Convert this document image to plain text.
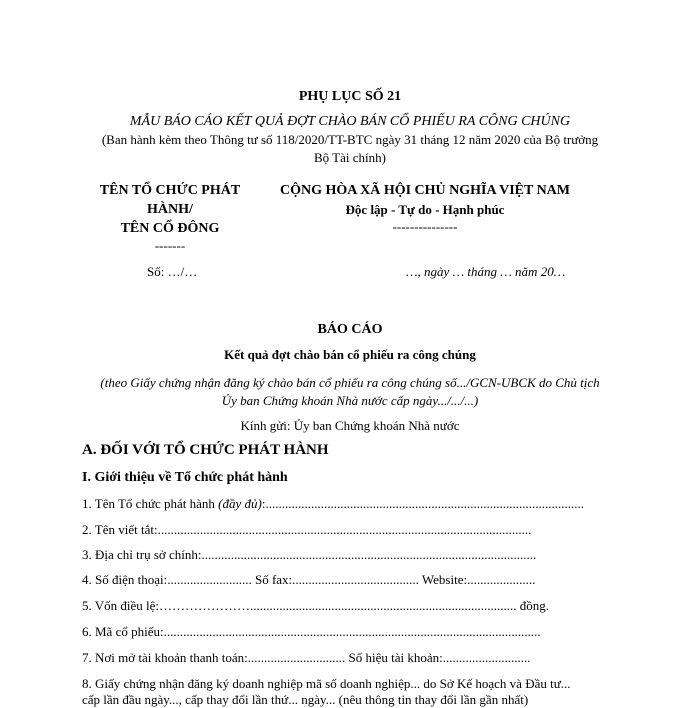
PHỤ LỤC SỐ 21
MẪU BÁO CÁO KẾT QUẢ ĐỢT CHÀO BÁN CỔ PHIẾU RA CÔNG CHÚNG
(Ban hành kèm theo Thông tư số 118/2020/TT-BTC ngày 31 tháng 12 năm 2020 của Bộ trưởng
Bộ Tài chính)
TÊN TỔ CHỨC PHÁT
HÀNH/
TÊN CỔ ĐÔNG
-------
CỘNG HÒA XÃ HỘI CHỦ NGHĨA VIỆT NAM
Độc lập - Tự do - Hạnh phúc
---------------
Số: …/…	…, ngày … tháng … năm 20…
BÁO CÁO
Kết quả đợt chào bán cổ phiếu ra công chúng
(theo Giấy chứng nhận đăng ký chào bán cổ phiếu ra công chúng số.../GCN-UBCK do Chủ tịch
Ủy ban Chứng khoán Nhà nước cấp ngày.../.../...)
Kính gửi: Ủy ban Chứng khoán Nhà nước
A. ĐỐI VỚI TỔ CHỨC PHÁT HÀNH
I. Giới thiệu về Tổ chức phát hành
1. Tên Tổ chức phát hành (đầy đủ):..................................................................................................
2. Tên viết tắt:...................................................................................................................
3. Địa chỉ trụ sở chính:.......................................................................................................
4. Số điện thoại:.......................... Số fax:....................................... Website:.....................
5. Vốn điều lệ:………………….................................................................................. đồng.
6. Mã cổ phiếu:....................................................................................................................
7. Nơi mở tài khoản thanh toán:.............................. Số hiệu tài khoản:...........................
8. Giấy chứng nhận đăng ký doanh nghiệp mã số doanh nghiệp... do Sở Kế hoạch và Đầu tư...
cấp lần đầu ngày..., cấp thay đổi lần thứ... ngày... (nêu thông tin thay đổi lần gần nhất)
